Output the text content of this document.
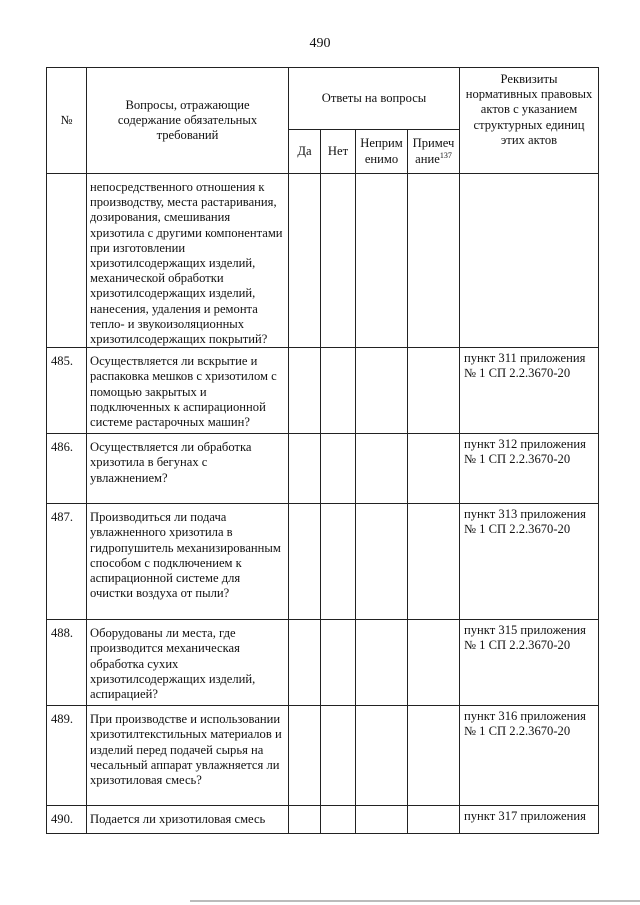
490
№	Вопросы, отражающие содержание обязательных требований	Ответы на вопросы				Реквизиты нормативных правовых актов с указанием структурных единиц этих актов
		Да	Нет	Неприм енимо	Примеч ание$^{137}$
	непосредственного отношения к производству, места растаривания, дозирования, смешивания хризотила с другими компонентами при изготовлении хризотилсодержащих изделий, механической обработки хризотилсодержащих изделий, нанесения, удаления и ремонта тепло- и звукоизоляционных хризотилсодержащих покрытий?					
485.	Осуществляется ли вскрытие и распаковка мешков с хризотилом с помощью закрытых и подключенных к аспирационной системе растарочных машин?					пункт 311 приложения № 1 СП 2.2.3670-20
486.	Осуществляется ли обработка хризотила в бегунах с увлажнением?					пункт 312 приложения № 1 СП 2.2.3670-20
487.	Производиться ли подача увлажненного хризотила в гидропушитель механизированным способом с подключением к аспирационной системе для очистки воздуха от пыли?					пункт 313 приложения № 1 СП 2.2.3670-20
488.	Оборудованы ли места, где производится механическая обработка сухих хризотилсодержащих изделий, аспирацией?					пункт 315 приложения № 1 СП 2.2.3670-20
489.	При производстве и использовании хризотилтекстильных материалов и изделий перед подачей сырья на чесальный аппарат увлажняется ли хризотиловая смесь?					пункт 316 приложения № 1 СП 2.2.3670-20
490.	Подается ли хризотиловая смесь					пункт 317 приложения
